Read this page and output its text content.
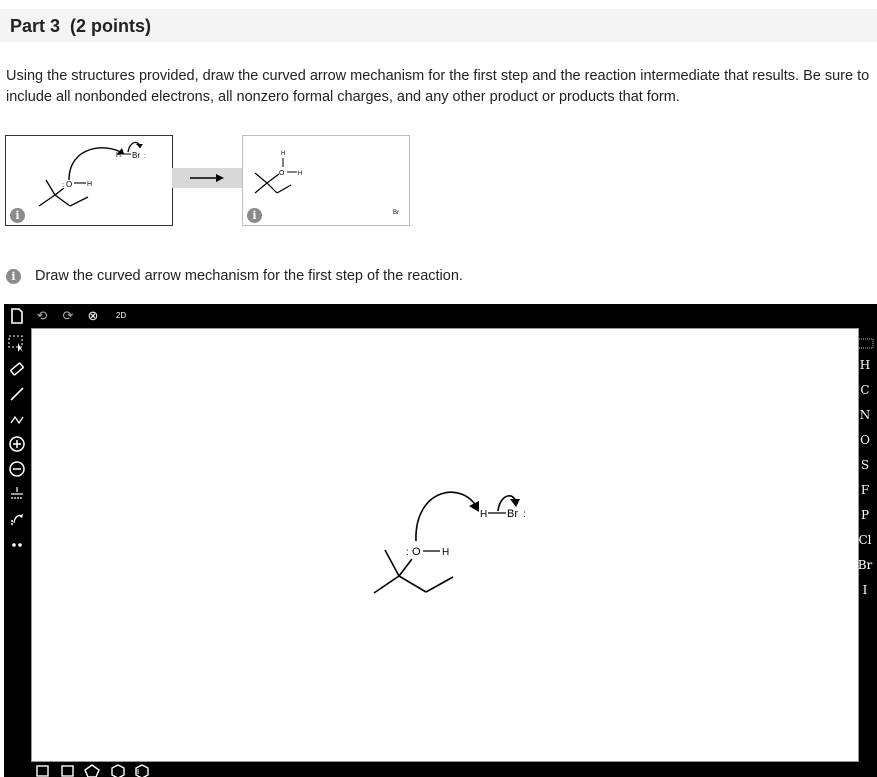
Part 3 (2 points)
Using the structures provided, draw the curved arrow mechanism for the first step and the reaction intermediate that results. Be sure to include all nonbonded electrons, all nonzero formal charges, and any other product or products that form.
: O H
H Br :
i
O
H
H
Br
i
i	Draw the curved arrow mechanism for the first step of the reaction.
⟲ ⟳ ⊗	2D
: O H
H Br :
H
C
N
O
S
F
P
Cl
Br
I
